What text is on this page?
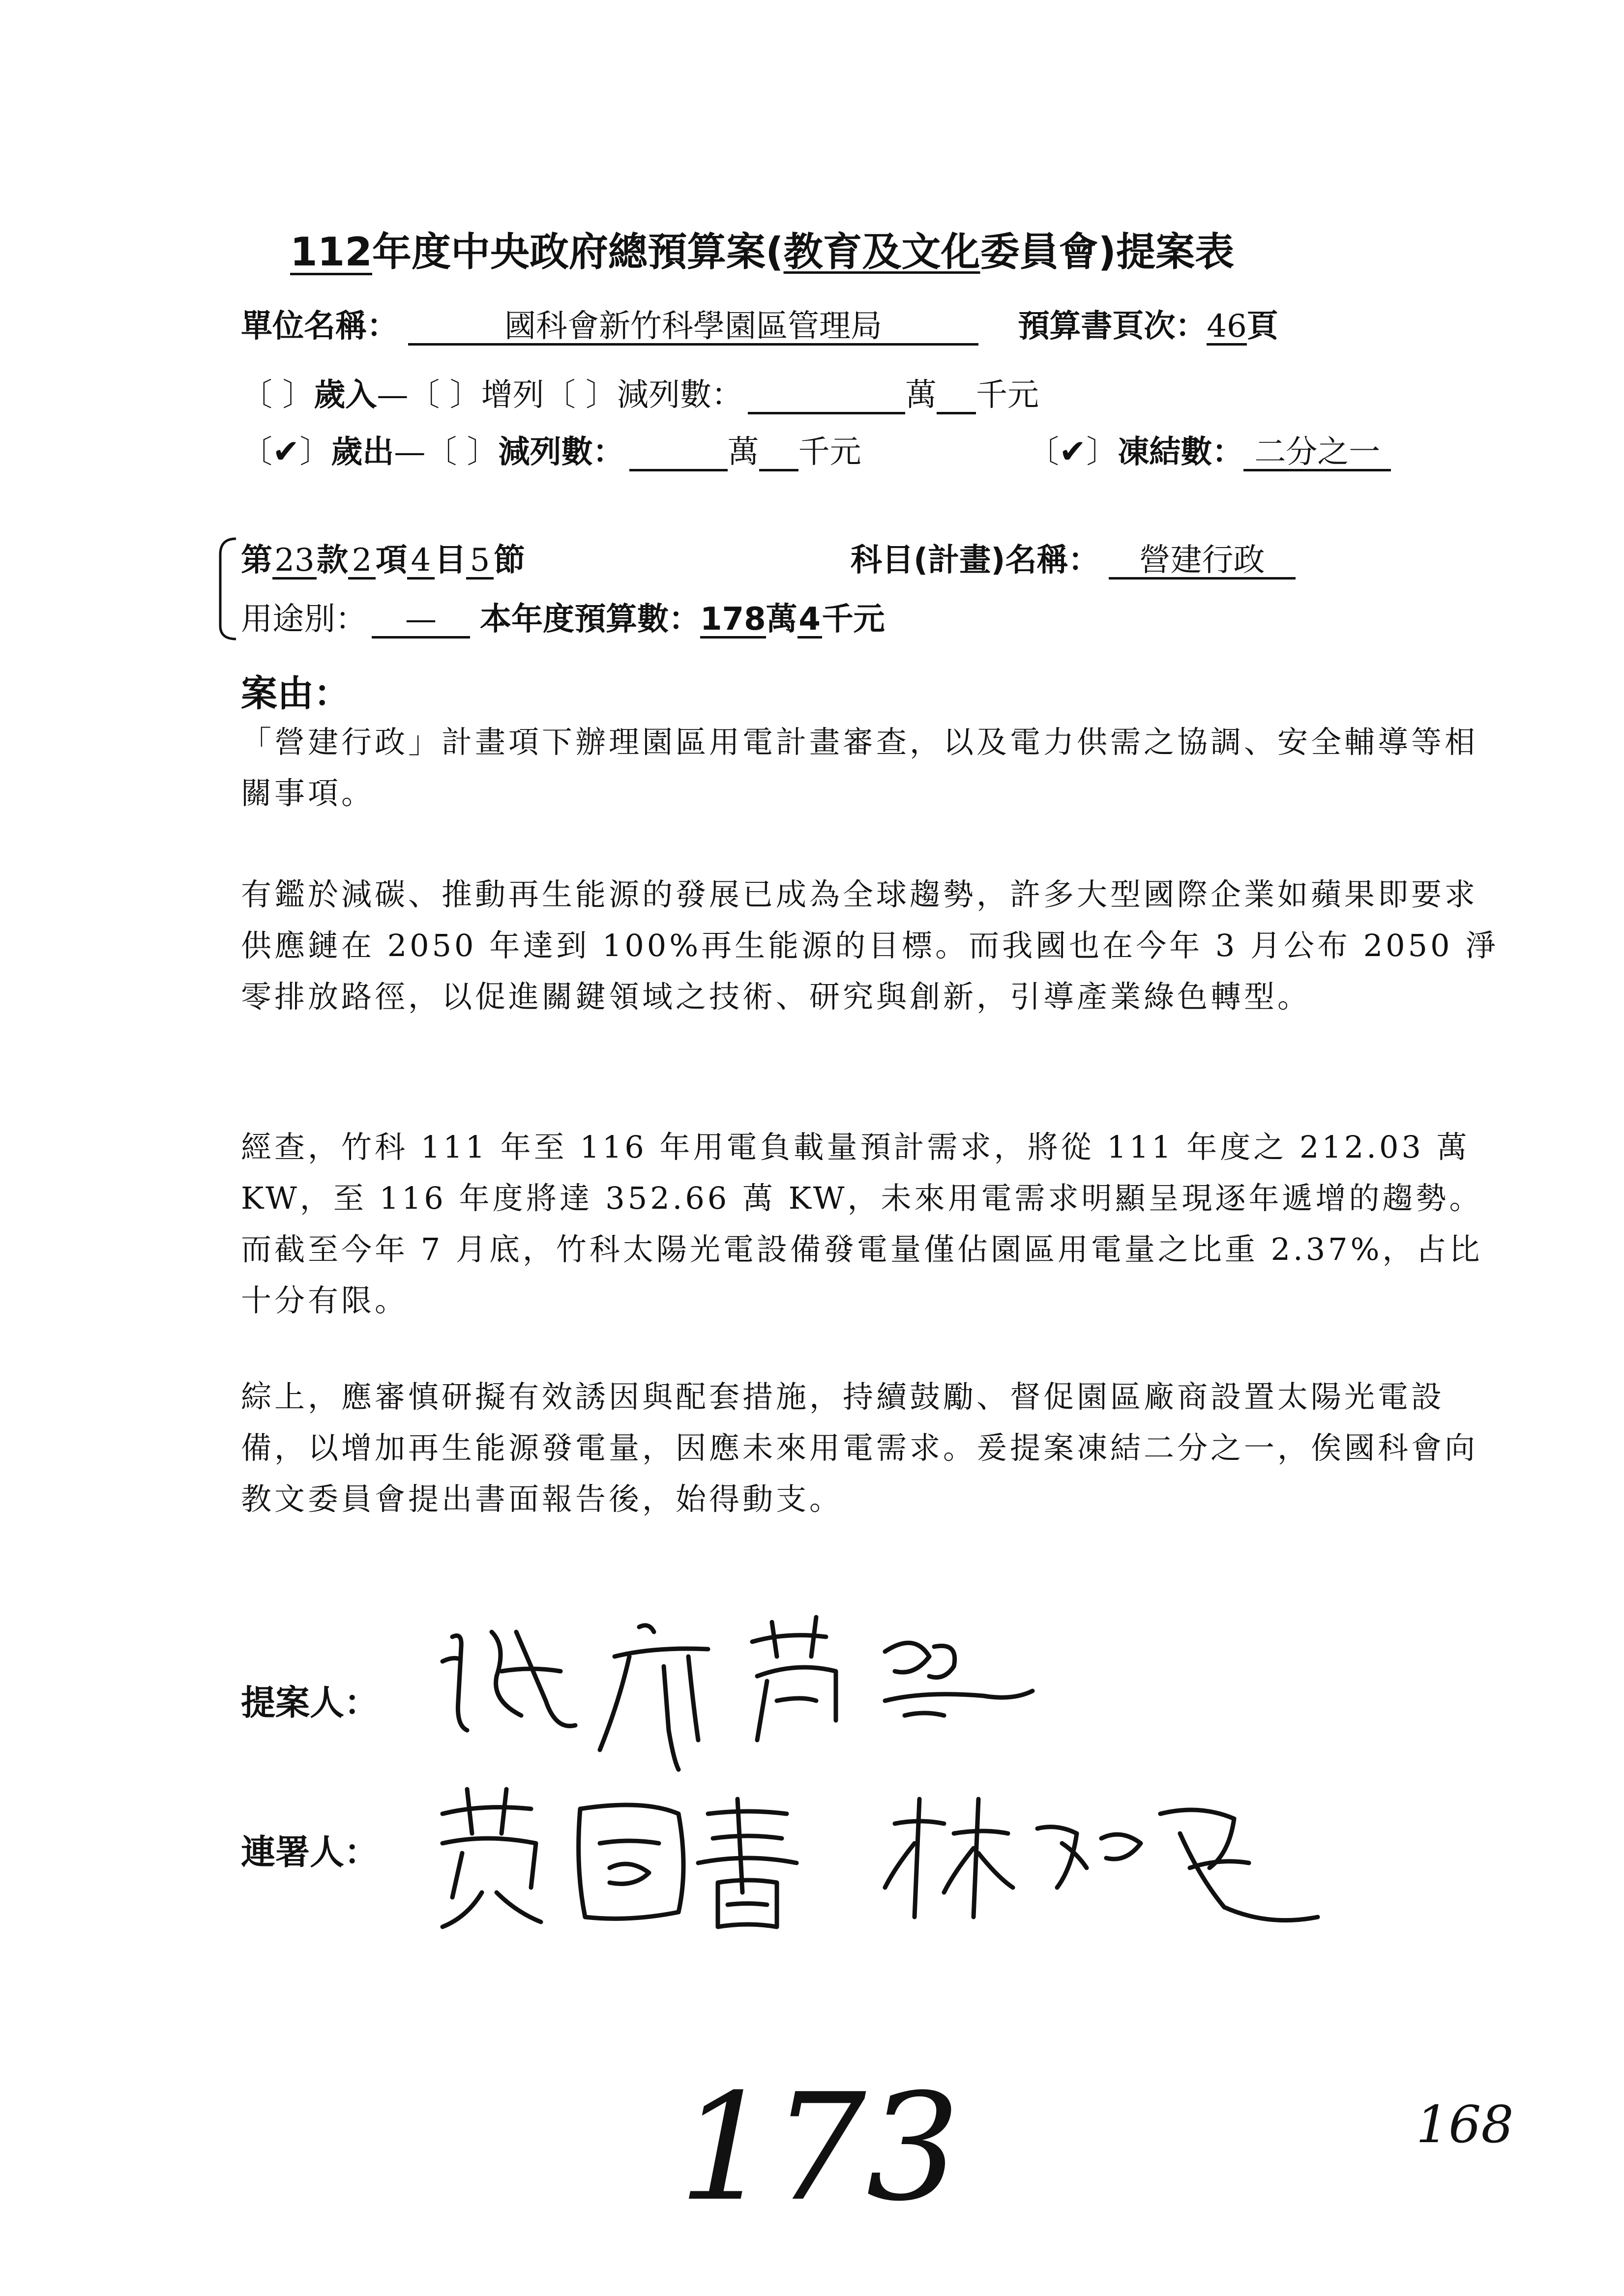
112年度中央政府總預算案(教育及文化委員會)提案表
單位名稱：	國科會新竹科學園區管理局	預算書頁次：46頁
〔 〕歲入—〔 〕增列〔 〕減列數：	萬 千元
〔✔〕歲出—〔 〕減列數：	萬 千元	〔✔〕凍結數： 二分之一
第23款 2 項 4 目 5 節	科目(計畫)名稱： 營建行政
用途別： — 本年度預算數：178萬4千元
案由：
「營建行政」計畫項下辦理園區用電計畫審查，以及電力供需之協調、安全輔導等相關事項。
有鑑於減碳、推動再生能源的發展已成為全球趨勢，許多大型國際企業如蘋果即要求供應鏈在 2050 年達到 100%再生能源的目標。而我國也在今年 3 月公布 2050 淨零排放路徑，以促進關鍵領域之技術、研究與創新，引導產業綠色轉型。
經查，竹科 111 年至 116 年用電負載量預計需求，將從 111 年度之 212.03 萬 KW，至 116 年度將達 352.66 萬 KW，未來用電需求明顯呈現逐年遞增的趨勢。而截至今年 7 月底，竹科太陽光電設備發電量僅佔園區用電量之比重 2.37%，占比十分有限。
綜上，應審慎研擬有效誘因與配套措施，持續鼓勵、督促園區廠商設置太陽光電設備，以增加再生能源發電量，因應未來用電需求。爰提案凍結二分之一，俟國科會向教文委員會提出書面報告後，始得動支。
提案人：
連署人：
173	168
